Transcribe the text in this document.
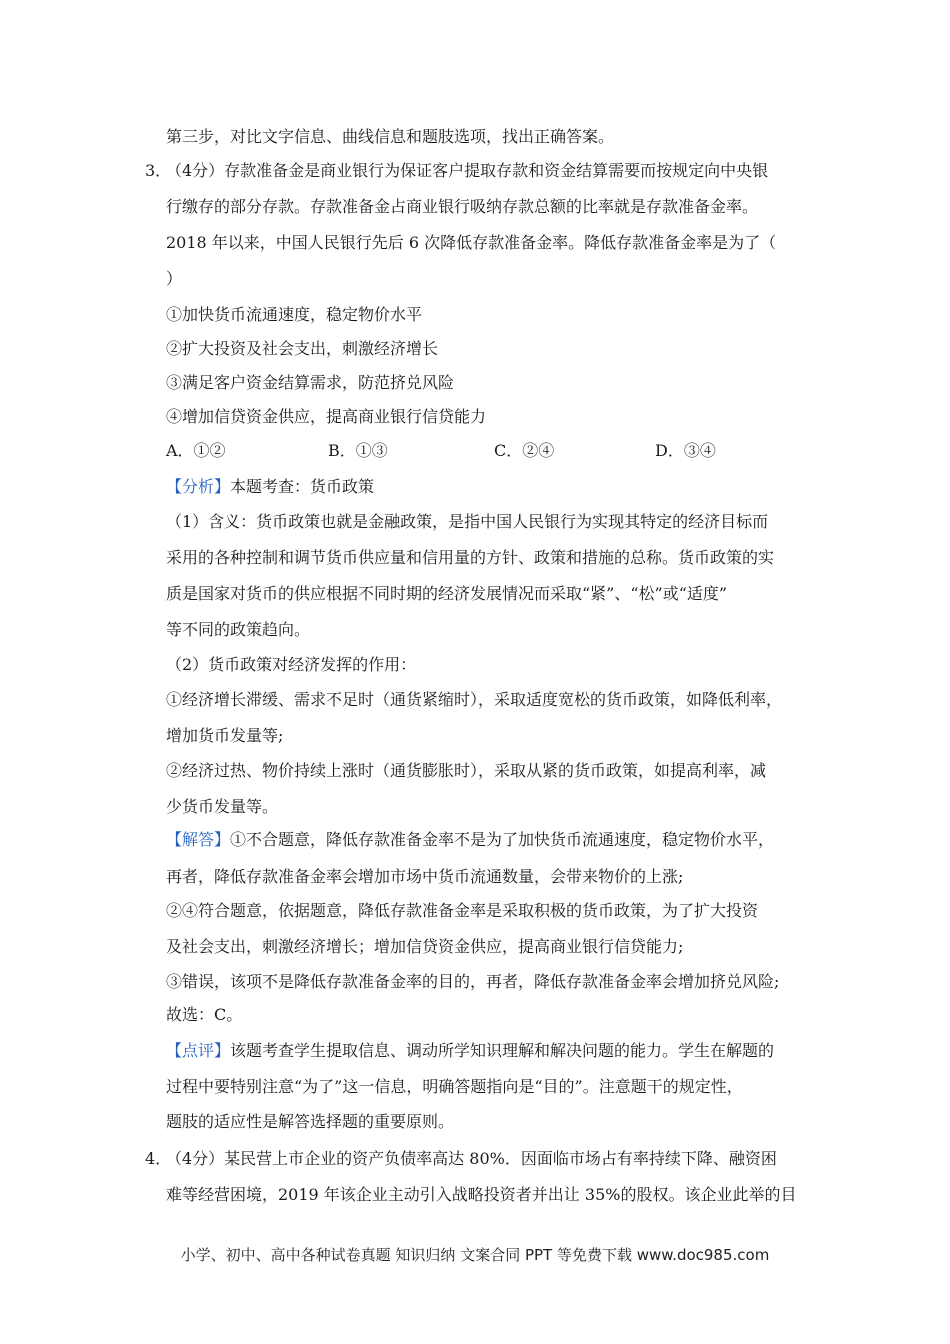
第三步，对比文字信息、曲线信息和题肢选项，找出正确答案。
3．
（4分）存款准备金是商业银行为保证客户提取存款和资金结算需要而按规定向中央银
行缴存的部分存款。存款准备金占商业银行吸纳存款总额的比率就是存款准备金率。
2018 年以来，中国人民银行先后 6 次降低存款准备金率。降低存款准备金率是为了（
）
①加快货币流通速度，稳定物价水平
②扩大投资及社会支出，刺激经济增长
③满足客户资金结算需求，防范挤兑风险
④增加信贷资金供应，提高商业银行信贷能力
A．①②	B．①③	C．②④	D．③④
【分析】本题考查：货币政策
（1）含义：货币政策也就是金融政策，是指中国人民银行为实现其特定的经济目标而
采用的各种控制和调节货币供应量和信用量的方针、政策和措施的总称。货币政策的实
质是国家对货币的供应根据不同时期的经济发展情况而采取“紧”、“松”或“适度”
等不同的政策趋向。
（2）货币政策对经济发挥的作用：
①经济增长滞缓、需求不足时（通货紧缩时），采取适度宽松的货币政策，如降低利率，
增加货币发量等;
②经济过热、物价持续上涨时（通货膨胀时），采取从紧的货币政策，如提高利率，减
少货币发量等。
【解答】①不合题意，降低存款准备金率不是为了加快货币流通速度，稳定物价水平，
再者，降低存款准备金率会增加市场中货币流通数量，会带来物价的上涨;
②④符合题意，依据题意，降低存款准备金率是采取积极的货币政策，为了扩大投资
及社会支出，刺激经济增长；增加信贷资金供应，提高商业银行信贷能力;
③错误，该项不是降低存款准备金率的目的，再者，降低存款准备金率会增加挤兑风险;
故选：C。
【点评】该题考查学生提取信息、调动所学知识理解和解决问题的能力。学生在解题的
过程中要特别注意“为了”这一信息，明确答题指向是“目的”。注意题干的规定性，
题肢的适应性是解答选择题的重要原则。
4．
（4分）某民营上市企业的资产负债率高达 80%．因面临市场占有率持续下降、融资困
难等经营困境，2019 年该企业主动引入战略投资者并出让 35%的股权。该企业此举的目
小学、初中、高中各种试卷真题 知识归纳 文案合同 PPT 等免费下载 www.doc985.com
